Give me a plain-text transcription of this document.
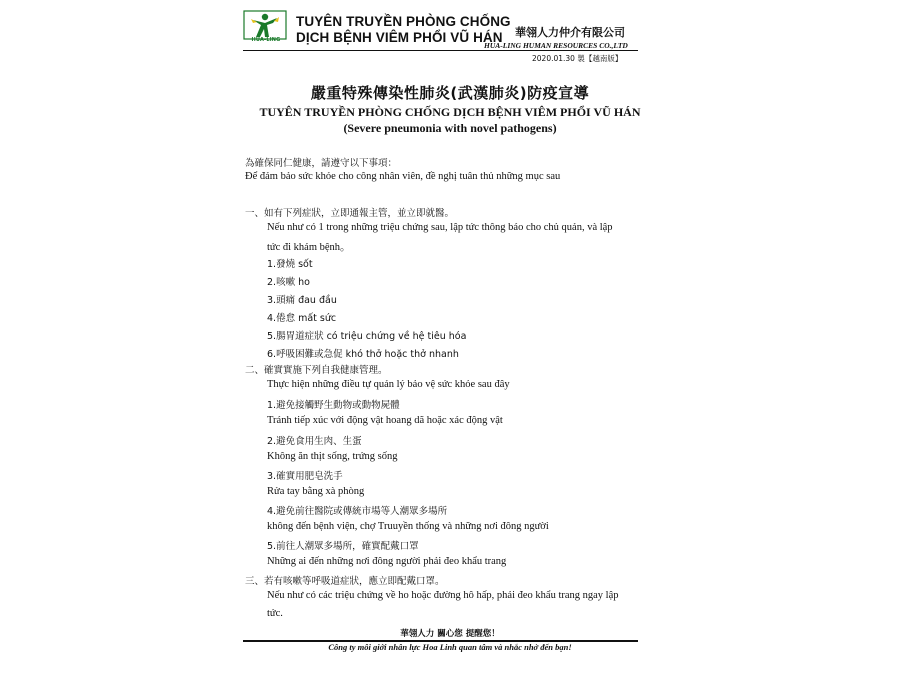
HUA-LING
TUYÊN TRUYỀN PHÒNG CHỐNG
DỊCH BỆNH VIÊM PHỔI VŨ HÁN 華翎人力仲介有限公司
HUA-LING HUMAN RESOURCES CO.,LTD
2020.01.30 製【越南版】
嚴重特殊傳染性肺炎(武漢肺炎)防疫宣導
TUYÊN TRUYỀN PHÒNG CHỐNG DỊCH BỆNH VIÊM PHỔI VŨ HÁN
(Severe pneumonia with novel pathogens)
為確保同仁健康，請遵守以下事項：
Để đảm bảo sức khỏe cho công nhân viên, đề nghị tuân thủ những mục sau
一、如有下列症狀，立即通報主管，並立即就醫。
Nếu như có 1 trong những triệu chứng sau, lập tức thông báo cho chủ quản, và lập
tức đi khám bệnh。
1.發燒 sốt
2.咳嗽 ho
3.頭痛 đau đầu
4.倦怠 mất sức
5.腸胃道症狀 có triệu chứng về hệ tiêu hóa
6.呼吸困難或急促 khó thở hoặc thở nhanh
二、確實實施下列自我健康管理。
Thực hiện những điều tự quản lý bảo vệ sức khỏe sau đây
1.避免接觸野生動物或動物屍體
Tránh tiếp xúc với động vật hoang dã hoặc xác động vật
2.避免食用生肉、生蛋
Không ăn thịt sống, trứng sống
3.確實用肥皂洗手
Rửa tay bằng xà phòng
4.避免前往醫院或傳統市場等人潮眾多場所
không đến bệnh viện, chợ Truuyền thống và những nơi đông người
5.前往人潮眾多場所，確實配戴口罩
Những ai đến những nơi đông người phải đeo khẩu trang
三、若有咳嗽等呼吸道症狀，應立即配戴口罩。
Nếu như có các triệu chứng về ho hoặc đường hô hấp, phải đeo khẩu trang ngay lập
tức.
華翎人力 關心您 提醒您！
Công ty môi giới nhân lực Hoa Linh quan tâm và nhắc nhở đến bạn!
